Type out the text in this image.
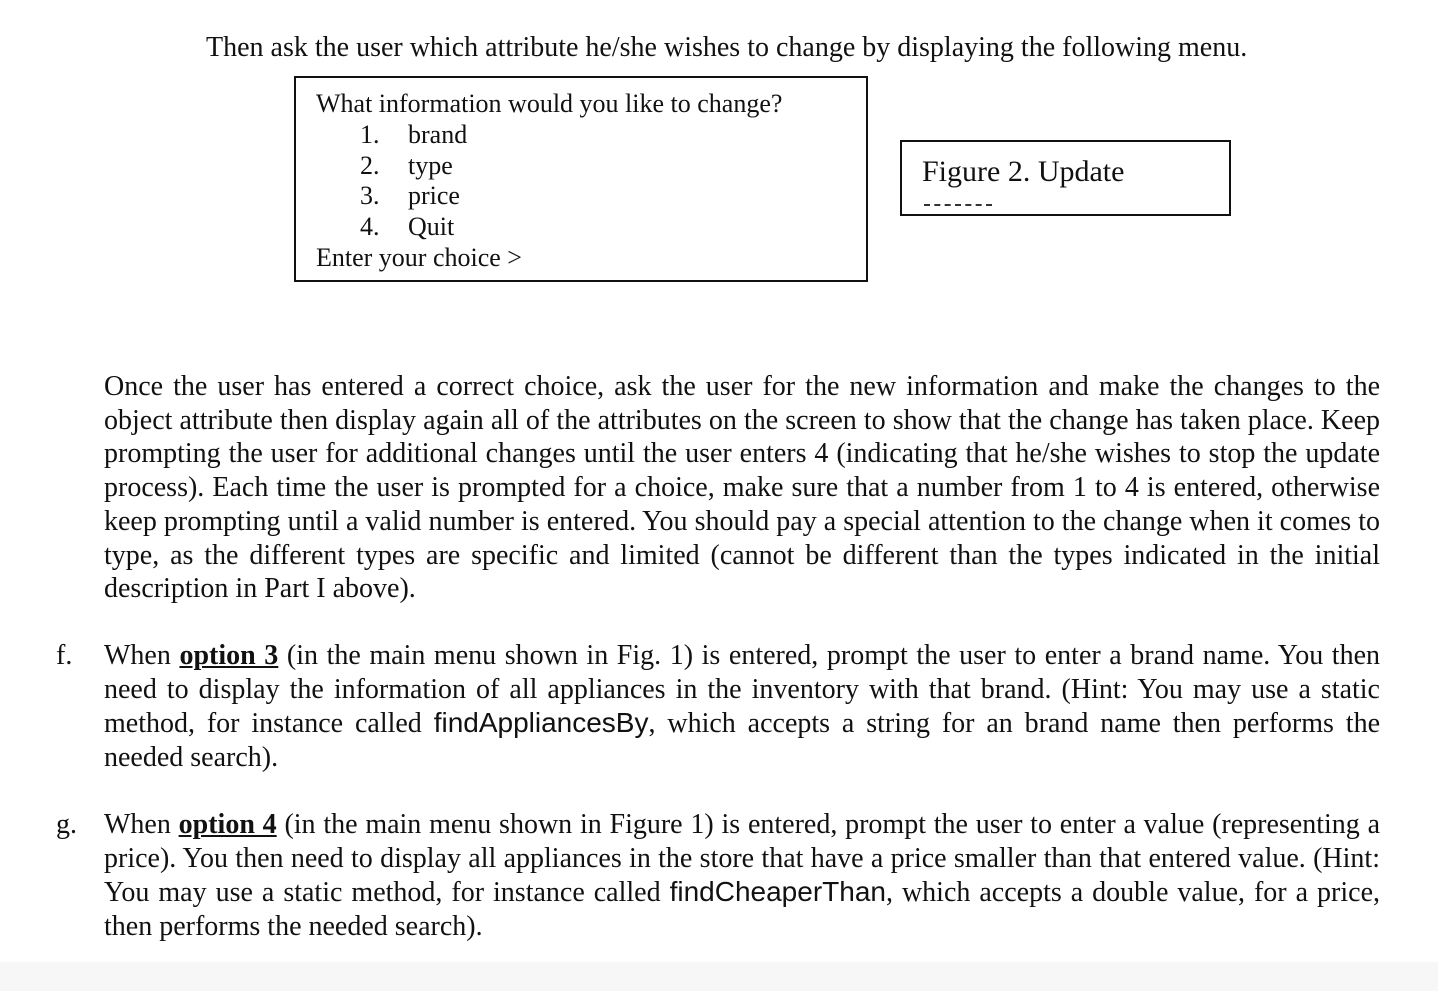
Then ask the user which attribute he/she wishes to change by displaying the following menu.

What information would you like to change?
1.	brand
2.	type
3.	price
4.	Quit
Enter your choice >
Figure 2. Update

Once the user has entered a correct choice, ask the user for the new information and make the changes to the object attribute then display again all of the attributes on the screen to show that the change has taken place. Keep prompting the user for additional changes until the user enters 4 (indicating that he/she wishes to stop the update process). Each time the user is prompted for a choice, make sure that a number from 1 to 4 is entered, otherwise keep prompting until a valid number is entered. You should pay a special attention to the change when it comes to type, as the different types are specific and limited (cannot be different than the types indicated in the initial description in Part I above).

f. When option 3 (in the main menu shown in Fig. 1) is entered, prompt the user to enter a brand name. You then need to display the information of all appliances in the inventory with that brand. (Hint: You may use a static method, for instance called findAppliancesBy, which accepts a string for an brand name then performs the needed search).

g. When option 4 (in the main menu shown in Figure 1) is entered, prompt the user to enter a value (representing a price). You then need to display all appliances in the store that have a price smaller than that entered value. (Hint: You may use a static method, for instance called findCheaperThan, which accepts a double value, for a price, then performs the needed search).
